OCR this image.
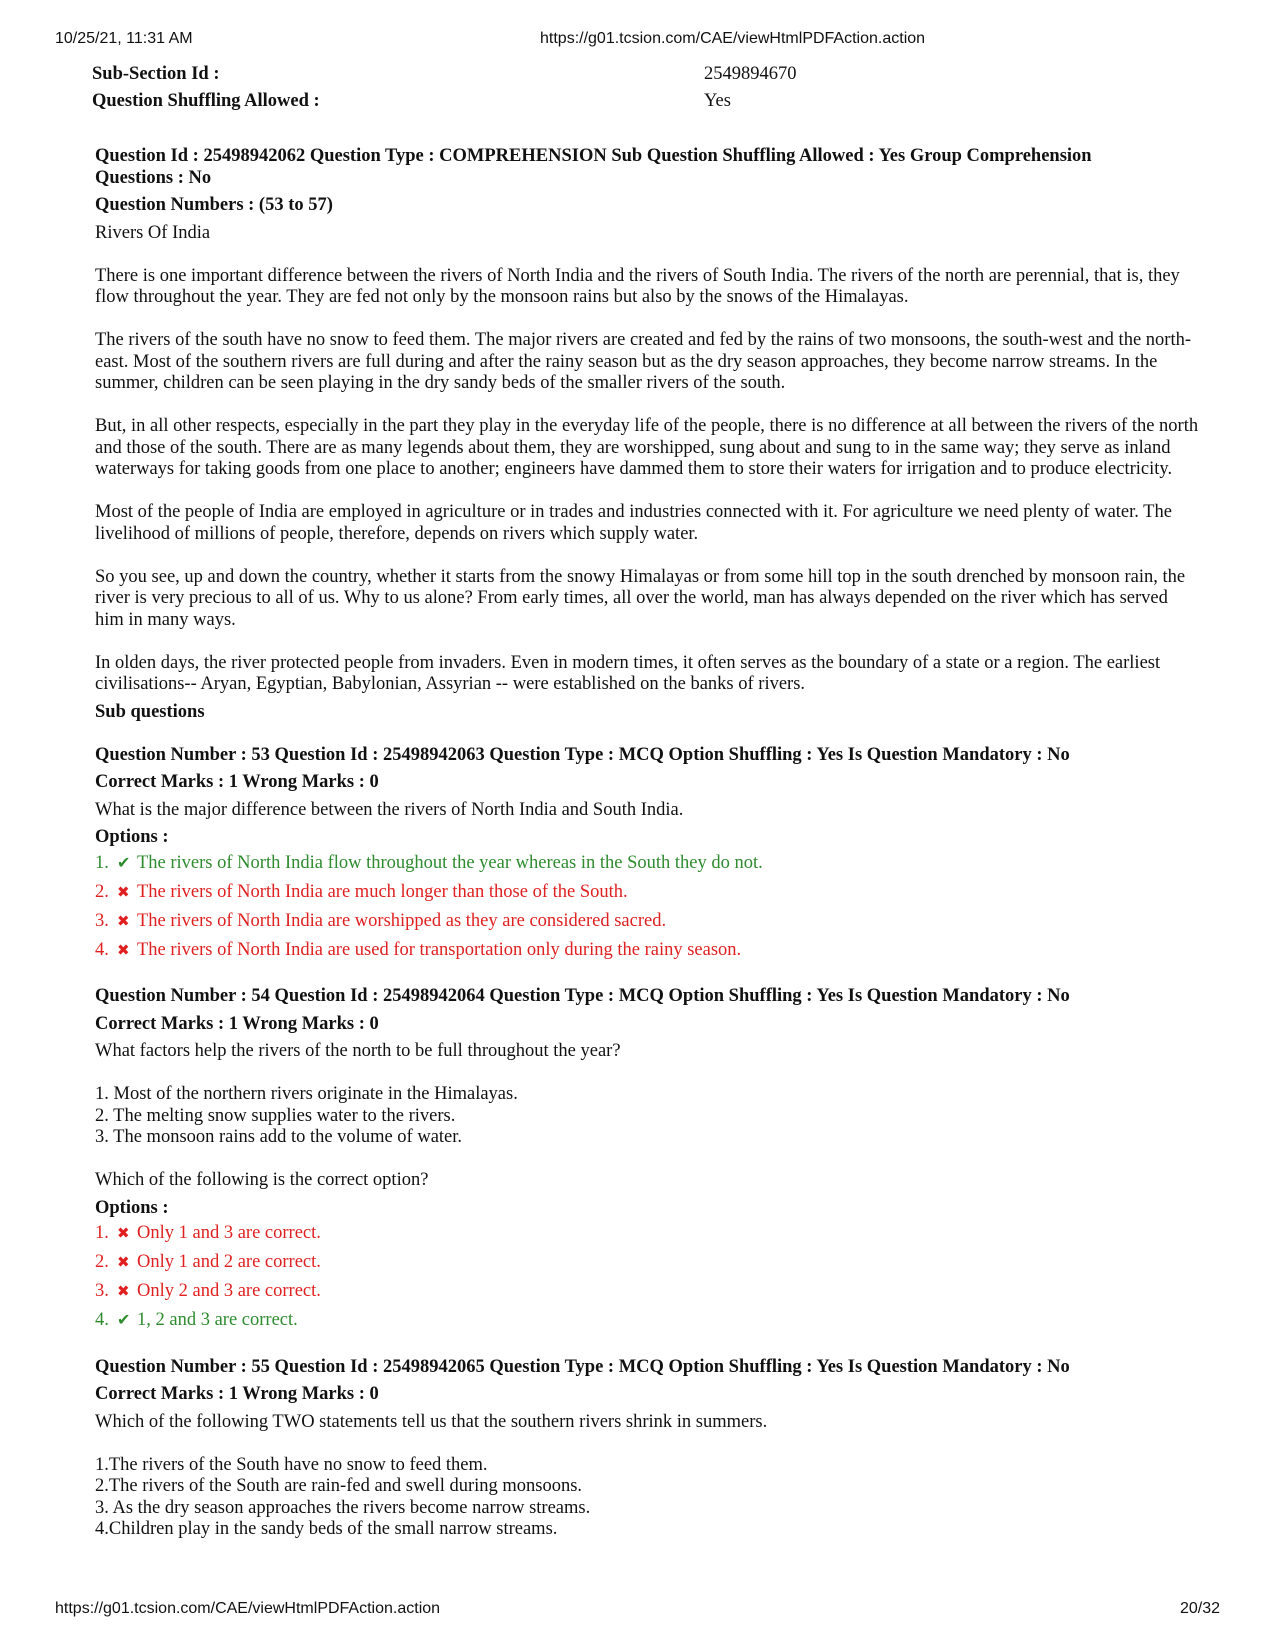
10/25/21, 11:31 AM	https://g01.tcsion.com/CAE/viewHtmlPDFAction.action
Sub-Section Id :	2549894670
Question Shuffling Allowed :	Yes

Question Id : 25498942062 Question Type : COMPREHENSION Sub Question Shuffling Allowed : Yes Group Comprehension

Questions : No

Question Numbers : (53 to 57)

Rivers Of India

There is one important difference between the rivers of North India and the rivers of South India. The rivers of the north are perennial, that is, they flow throughout the year. They are fed not only by the monsoon rains but also by the snows of the Himalayas.

The rivers of the south have no snow to feed them. The major rivers are created and fed by the rains of two monsoons, the south-west and the north-east. Most of the southern rivers are full during and after the rainy season but as the dry season approaches, they become narrow streams. In the summer, children can be seen playing in the dry sandy beds of the smaller rivers of the south.

But, in all other respects, especially in the part they play in the everyday life of the people, there is no difference at all between the rivers of the north and those of the south. There are as many legends about them, they are worshipped, sung about and sung to in the same way; they serve as inland waterways for taking goods from one place to another; engineers have dammed them to store their waters for irrigation and to produce electricity.

Most of the people of India are employed in agriculture or in trades and industries connected with it. For agriculture we need plenty of water. The livelihood of millions of people, therefore, depends on rivers which supply water.

So you see, up and down the country, whether it starts from the snowy Himalayas or from some hill top in the south drenched by monsoon rain, the river is very precious to all of us. Why to us alone? From early times, all over the world, man has always depended on the river which has served him in many ways.

In olden days, the river protected people from invaders. Even in modern times, it often serves as the boundary of a state or a region. The earliest civilisations-- Aryan, Egyptian, Babylonian, Assyrian -- were established on the banks of rivers.

Sub questions

Question Number : 53 Question Id : 25498942063 Question Type : MCQ Option Shuffling : Yes Is Question Mandatory : No

Correct Marks : 1 Wrong Marks : 0

What is the major difference between the rivers of North India and South India.

Options :

1. ✔ The rivers of North India flow throughout the year whereas in the South they do not.
2. ✖ The rivers of North India are much longer than those of the South.
3. ✖ The rivers of North India are worshipped as they are considered sacred.
4. ✖ The rivers of North India are used for transportation only during the rainy season.

Question Number : 54 Question Id : 25498942064 Question Type : MCQ Option Shuffling : Yes Is Question Mandatory : No

Correct Marks : 1 Wrong Marks : 0

What factors help the rivers of the north to be full throughout the year?

1. Most of the northern rivers originate in the Himalayas.

2. The melting snow supplies water to the rivers.

3. The monsoon rains add to the volume of water.

Which of the following is the correct option?

Options :

1. ✖ Only 1 and 3 are correct.
2. ✖ Only 1 and 2 are correct.
3. ✖ Only 2 and 3 are correct.
4. ✔ 1, 2 and 3 are correct.

Question Number : 55 Question Id : 25498942065 Question Type : MCQ Option Shuffling : Yes Is Question Mandatory : No

Correct Marks : 1 Wrong Marks : 0

Which of the following TWO statements tell us that the southern rivers shrink in summers.

1.The rivers of the South have no snow to feed them.

2.The rivers of the South are rain-fed and swell during monsoons.

3. As the dry season approaches the rivers become narrow streams.

4.Children play in the sandy beds of the small narrow streams.

https://g01.tcsion.com/CAE/viewHtmlPDFAction.action	20/32
